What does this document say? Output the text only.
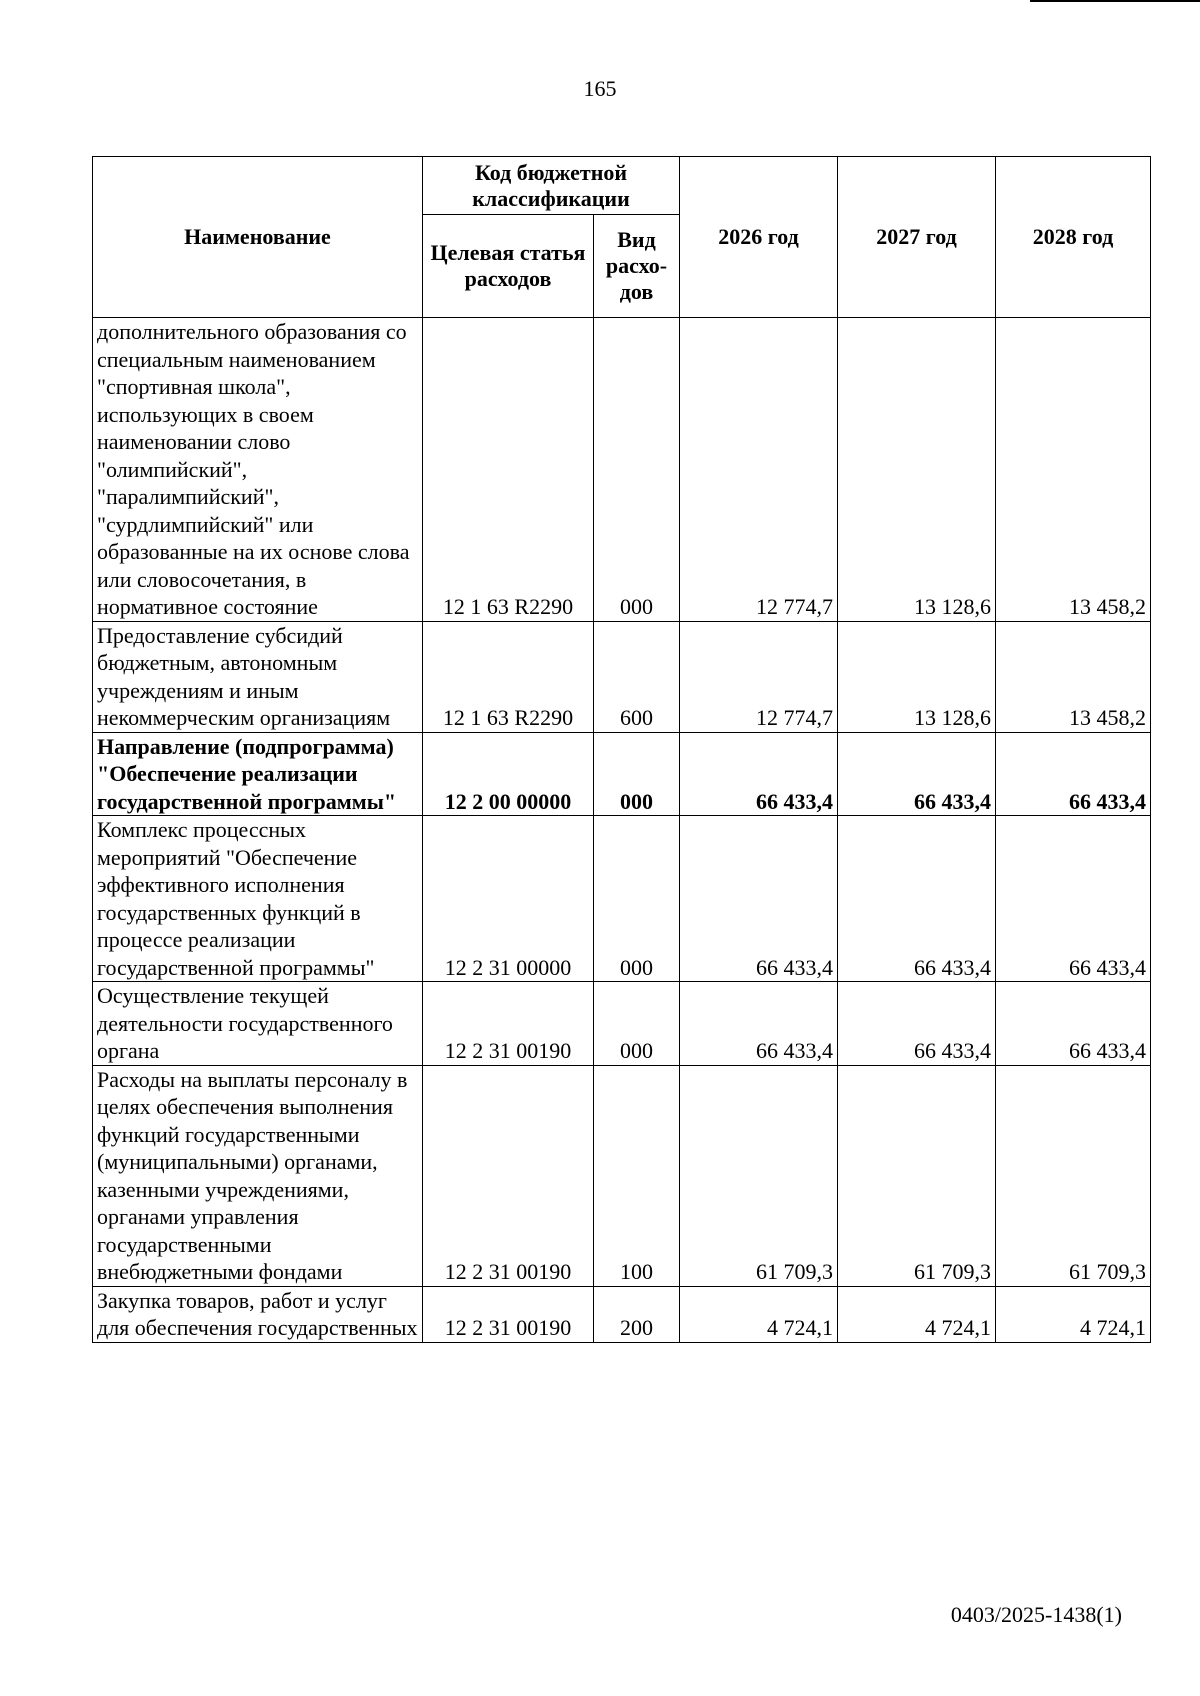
165
Наименование	Код бюджетной классификации		2026 год	2027 год	2028 год
	Целевая статья расходов	Вид расхо-дов			
дополнительного образования со специальным наименованием "спортивная школа", использующих в своем наименовании слово "олимпийский", "паралимпийский", "сурдлимпийский" или образованные на их основе слова или словосочетания, в нормативное состояние	12 1 63 R2290	000	12 774,7	13 128,6	13 458,2
Предоставление субсидий бюджетным, автономным учреждениям и иным некоммерческим организациям	12 1 63 R2290	600	12 774,7	13 128,6	13 458,2
Направление (подпрограмма) "Обеспечение реализации государственной программы"	12 2 00 00000	000	66 433,4	66 433,4	66 433,4
Комплекс процессных мероприятий "Обеспечение эффективного исполнения государственных функций в процессе реализации государственной программы"	12 2 31 00000	000	66 433,4	66 433,4	66 433,4
Осуществление текущей деятельности государственного органа	12 2 31 00190	000	66 433,4	66 433,4	66 433,4
Расходы на выплаты персоналу в целях обеспечения выполнения функций государственными (муниципальными) органами, казенными учреждениями, органами управления государственными внебюджетными фондами	12 2 31 00190	100	61 709,3	61 709,3	61 709,3
Закупка товаров, работ и услуг для обеспечения государственных	12 2 31 00190	200	4 724,1	4 724,1	4 724,1
0403/2025-1438(1)
